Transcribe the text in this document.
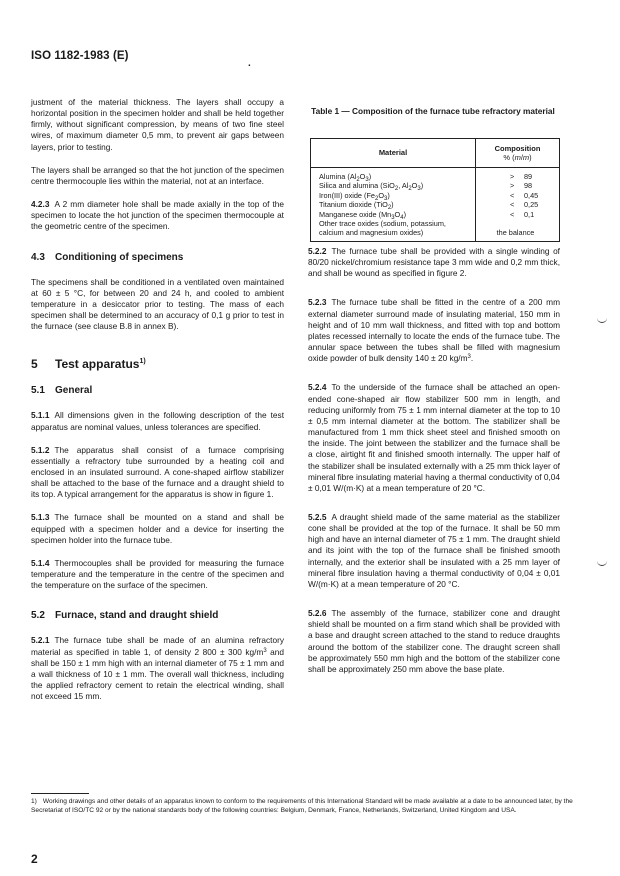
ISO 1182-1983 (E)
.

justment of the material thickness. The layers shall occupy a horizontal position in the specimen holder and shall be held together firmly, without significant compression, by means of two fine steel wires, of maximum diameter 0,5 mm, to prevent air gaps between layers, prior to testing.

The layers shall be arranged so that the hot junction of the specimen centre thermocouple lies within the material, not at an interface.

4.2.3 A 2 mm diameter hole shall be made axially in the top of the specimen to locate the hot junction of the specimen thermocouple at the geometric centre of the specimen.

4.3 Conditioning of specimens

The specimens shall be conditioned in a ventilated oven maintained at 60 ± 5 °C, for between 20 and 24 h, and cooled to ambient temperature in a desiccator prior to testing. The mass of each specimen shall be determined to an accuracy of 0,1 g prior to test in the furnace (see clause B.8 in annex B).

5 Test apparatus$^{1)}$
5.1 General

5.1.1 All dimensions given in the following description of the test apparatus are nominal values, unless tolerances are specified.

5.1.2 The apparatus shall consist of a furnace comprising essentially a refractory tube surrounded by a heating coil and enclosed in an insulated surround. A cone-shaped airflow stabilizer shall be attached to the base of the furnace and a draught shield to its top. A typical arrangement for the apparatus is show in figure 1.

5.1.3 The furnace shall be mounted on a stand and shall be equipped with a specimen holder and a device for inserting the specimen holder into the furnace tube.

5.1.4 Thermocouples shall be provided for measuring the furnace temperature and the temperature in the centre of the specimen and the temperature on the surface of the specimen.

5.2 Furnace, stand and draught shield

5.2.1 The furnace tube shall be made of an alumina refractory material as specified in table 1, of density 2 800 ± 300 $kg/m^3$ and shall be 150 ± 1 mm high with an internal diameter of 75 ± 1 mm and a wall thickness of 10 ± 1 mm. The overall wall thickness, including the applied refractory cement to retain the electrical winding, shall not exceed 15 mm.

Table 1 — Composition of the furnace tube refractory material
Material	Composition
% (m/m)

Alumina $(Al_2O_3)$	> 89
Silica and alumina (SiO$_2$, $Al_2O_3$)	> 98
Iron(III) oxide $(Fe_2O_3)$	< 0,45
Titanium dioxide (TiO$_2$)	< 0,25
Manganese oxide $(Mn_3O_4)$	< 0,1

Other trace oxides (sodium, potassium,
calcium and magnesium oxides)	the balance

5.2.2 The furnace tube shall be provided with a single winding of 80/20 nickel/chromium resistance tape 3 mm wide and 0,2 mm thick, and shall be wound as specified in figure 2.

5.2.3 The furnace tube shall be fitted in the centre of a 200 mm external diameter surround made of insulating material, 150 mm in height and of 10 mm wall thickness, and fitted with top and bottom plates recessed internally to locate the ends of the furnace tube. The annular space between the tubes shall be filled with magnesium oxide powder of bulk density 140 ± 20 $kg/m^3$.

5.2.4 To the underside of the furnace shall be attached an open-ended cone-shaped air flow stabilizer 500 mm in length, and reducing uniformly from 75 ± 1 mm internal diameter at the top to 10 ± 0,5 mm internal diameter at the bottom. The stabilizer shall be manufactured from 1 mm thick sheet steel and finished smooth on the inside. The joint between the stabilizer and the furnace shall be a close, airtight fit and finished smooth internally. The upper half of the stabilizer shall be insulated externally with a 25 mm thick layer of mineral fibre insulating material having a thermal conductivity of 0,04 ± 0,01 W/(m·K) at a mean temperature of 20 °C.

5.2.5 A draught shield made of the same material as the stabilizer cone shall be provided at the top of the furnace. It shall be 50 mm high and have an internal diameter of 75 ± 1 mm. The draught shield and its joint with the top of the furnace shall be finished smooth internally, and the exterior shall be insulated with a 25 mm layer of mineral fibre insulation having a thermal conductivity of 0,04 ± 0,01 W/(m·K) at a mean temperature of 20 °C.

5.2.6 The assembly of the furnace, stabilizer cone and draught shield shall be mounted on a firm stand which shall be provided with a base and draught screen attached to the stand to reduce draughts around the bottom of the stabilizer cone. The draught screen shall be approximately 550 mm high and the bottom of the stabilizer cone shall be approximately 250 mm above the base plate.

1) Working drawings and other details of an apparatus known to conform to the requirements of this International Standard will be made available at a date to be announced later, by the Secretariat of ISO/TC 92 or by the national standards body of the following countries: Belgium, Denmark, France, Netherlands, Switzerland, United Kingdom and USA.
2
